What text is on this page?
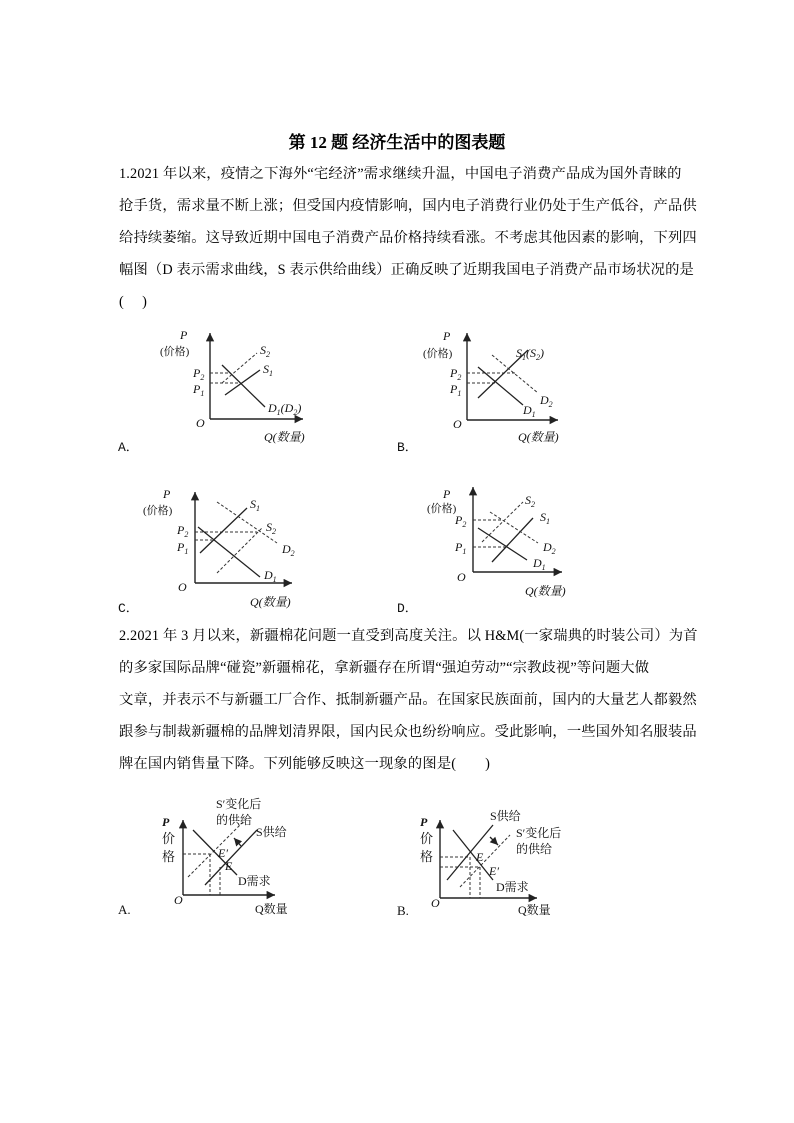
第 12 题 经济生活中的图表题
1.2021 年以来，疫情之下海外“宅经济”需求继续升温，中国电子消费产品成为国外青睐的
抢手货，需求量不断上涨；但受国内疫情影响，国内电子消费行业仍处于生产低谷，产品供
给持续萎缩。这导致近期中国电子消费产品价格持续看涨。不考虑其他因素的影响，下列四
幅图（D 表示需求曲线，S 表示供给曲线）正确反映了近期我国电子消费产品市场状况的是
(　 )
2.2021 年 3 月以来，新疆棉花问题一直受到高度关注。以 H&M(一家瑞典的时装公司）为首
的多家国际品牌“碰瓷”新疆棉花，拿新疆存在所谓“强迫劳动”“宗教歧视”等问题大做
文章，并表示不与新疆工厂合作、抵制新疆产品。在国家民族面前，国内的大量艺人都毅然
跟参与制裁新疆棉的品牌划清界限，国内民众也纷纷响应。受此影响，一些国外知名服装品
牌在国内销售量下降。下列能够反映这一现象的图是(　　)
P
(价格)
$P_2$
$P_1$
$S_2$
$S_1$
$D_1(D_2)$
O
Q(数量)
A．
P
(价格)
$P_2$
$P_1$
$S_1(S_2)$
$D_2$
$D_1$
O
Q(数量)
B．
P
(价格)
$P_2$
$P_1$
$S_1$
$S_2$
$D_2$
$D_1$
O
Q(数量)
C．
P
(价格)
$P_2$
$P_1$
$S_2$
$S_1$
$D_2$
$D_1$
O
Q(数量)
D．
P
价
格
S′变化后
的供给
S供给
E′
E
D需求
O
Q数量
A.
P
价
格
S供给
S′变化后
的供给
E
E′
D需求
O	Q数量
B.
